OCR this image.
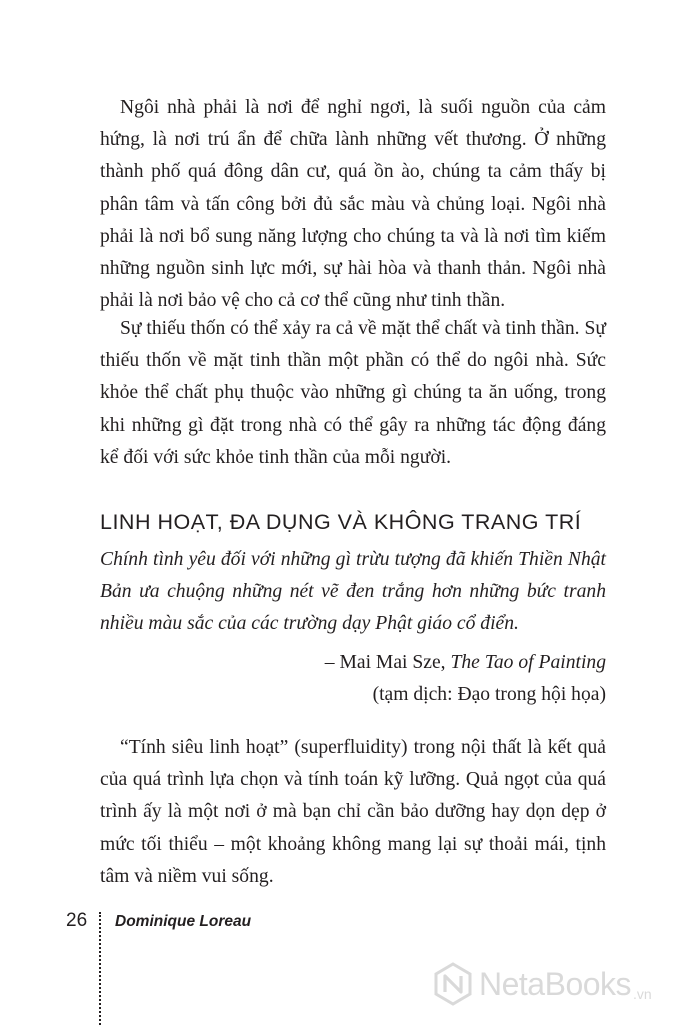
Ngôi nhà phải là nơi để nghỉ ngơi, là suối nguồn của cảm hứng, là nơi trú ẩn để chữa lành những vết thương. Ở những thành phố quá đông dân cư, quá ồn ào, chúng ta cảm thấy bị phân tâm và tấn công bởi đủ sắc màu và chủng loại. Ngôi nhà phải là nơi bổ sung năng lượng cho chúng ta và là nơi tìm kiếm những nguồn sinh lực mới, sự hài hòa và thanh thản. Ngôi nhà phải là nơi bảo vệ cho cả cơ thể cũng như tinh thần.

Sự thiếu thốn có thể xảy ra cả về mặt thể chất và tinh thần. Sự thiếu thốn về mặt tinh thần một phần có thể do ngôi nhà. Sức khỏe thể chất phụ thuộc vào những gì chúng ta ăn uống, trong khi những gì đặt trong nhà có thể gây ra những tác động đáng kể đối với sức khỏe tinh thần của mỗi người.

LINH HOẠT, ĐA DỤNG VÀ KHÔNG TRANG TRÍ
Chính tình yêu đối với những gì trừu tượng đã khiến Thiền Nhật Bản ưa chuộng những nét vẽ đen trắng hơn những bức tranh nhiều màu sắc của các trường dạy Phật giáo cổ điển.
– Mai Mai Sze, The Tao of Painting
(tạm dịch: Đạo trong hội họa)

“Tính siêu linh hoạt” (superfluidity) trong nội thất là kết quả của quá trình lựa chọn và tính toán kỹ lưỡng. Quả ngọt của quá trình ấy là một nơi ở mà bạn chỉ cần bảo dưỡng hay dọn dẹp ở mức tối thiểu – một khoảng không mang lại sự thoải mái, tịnh tâm và niềm vui sống.

26 Dominique Loreau
NetaBooks .vn
